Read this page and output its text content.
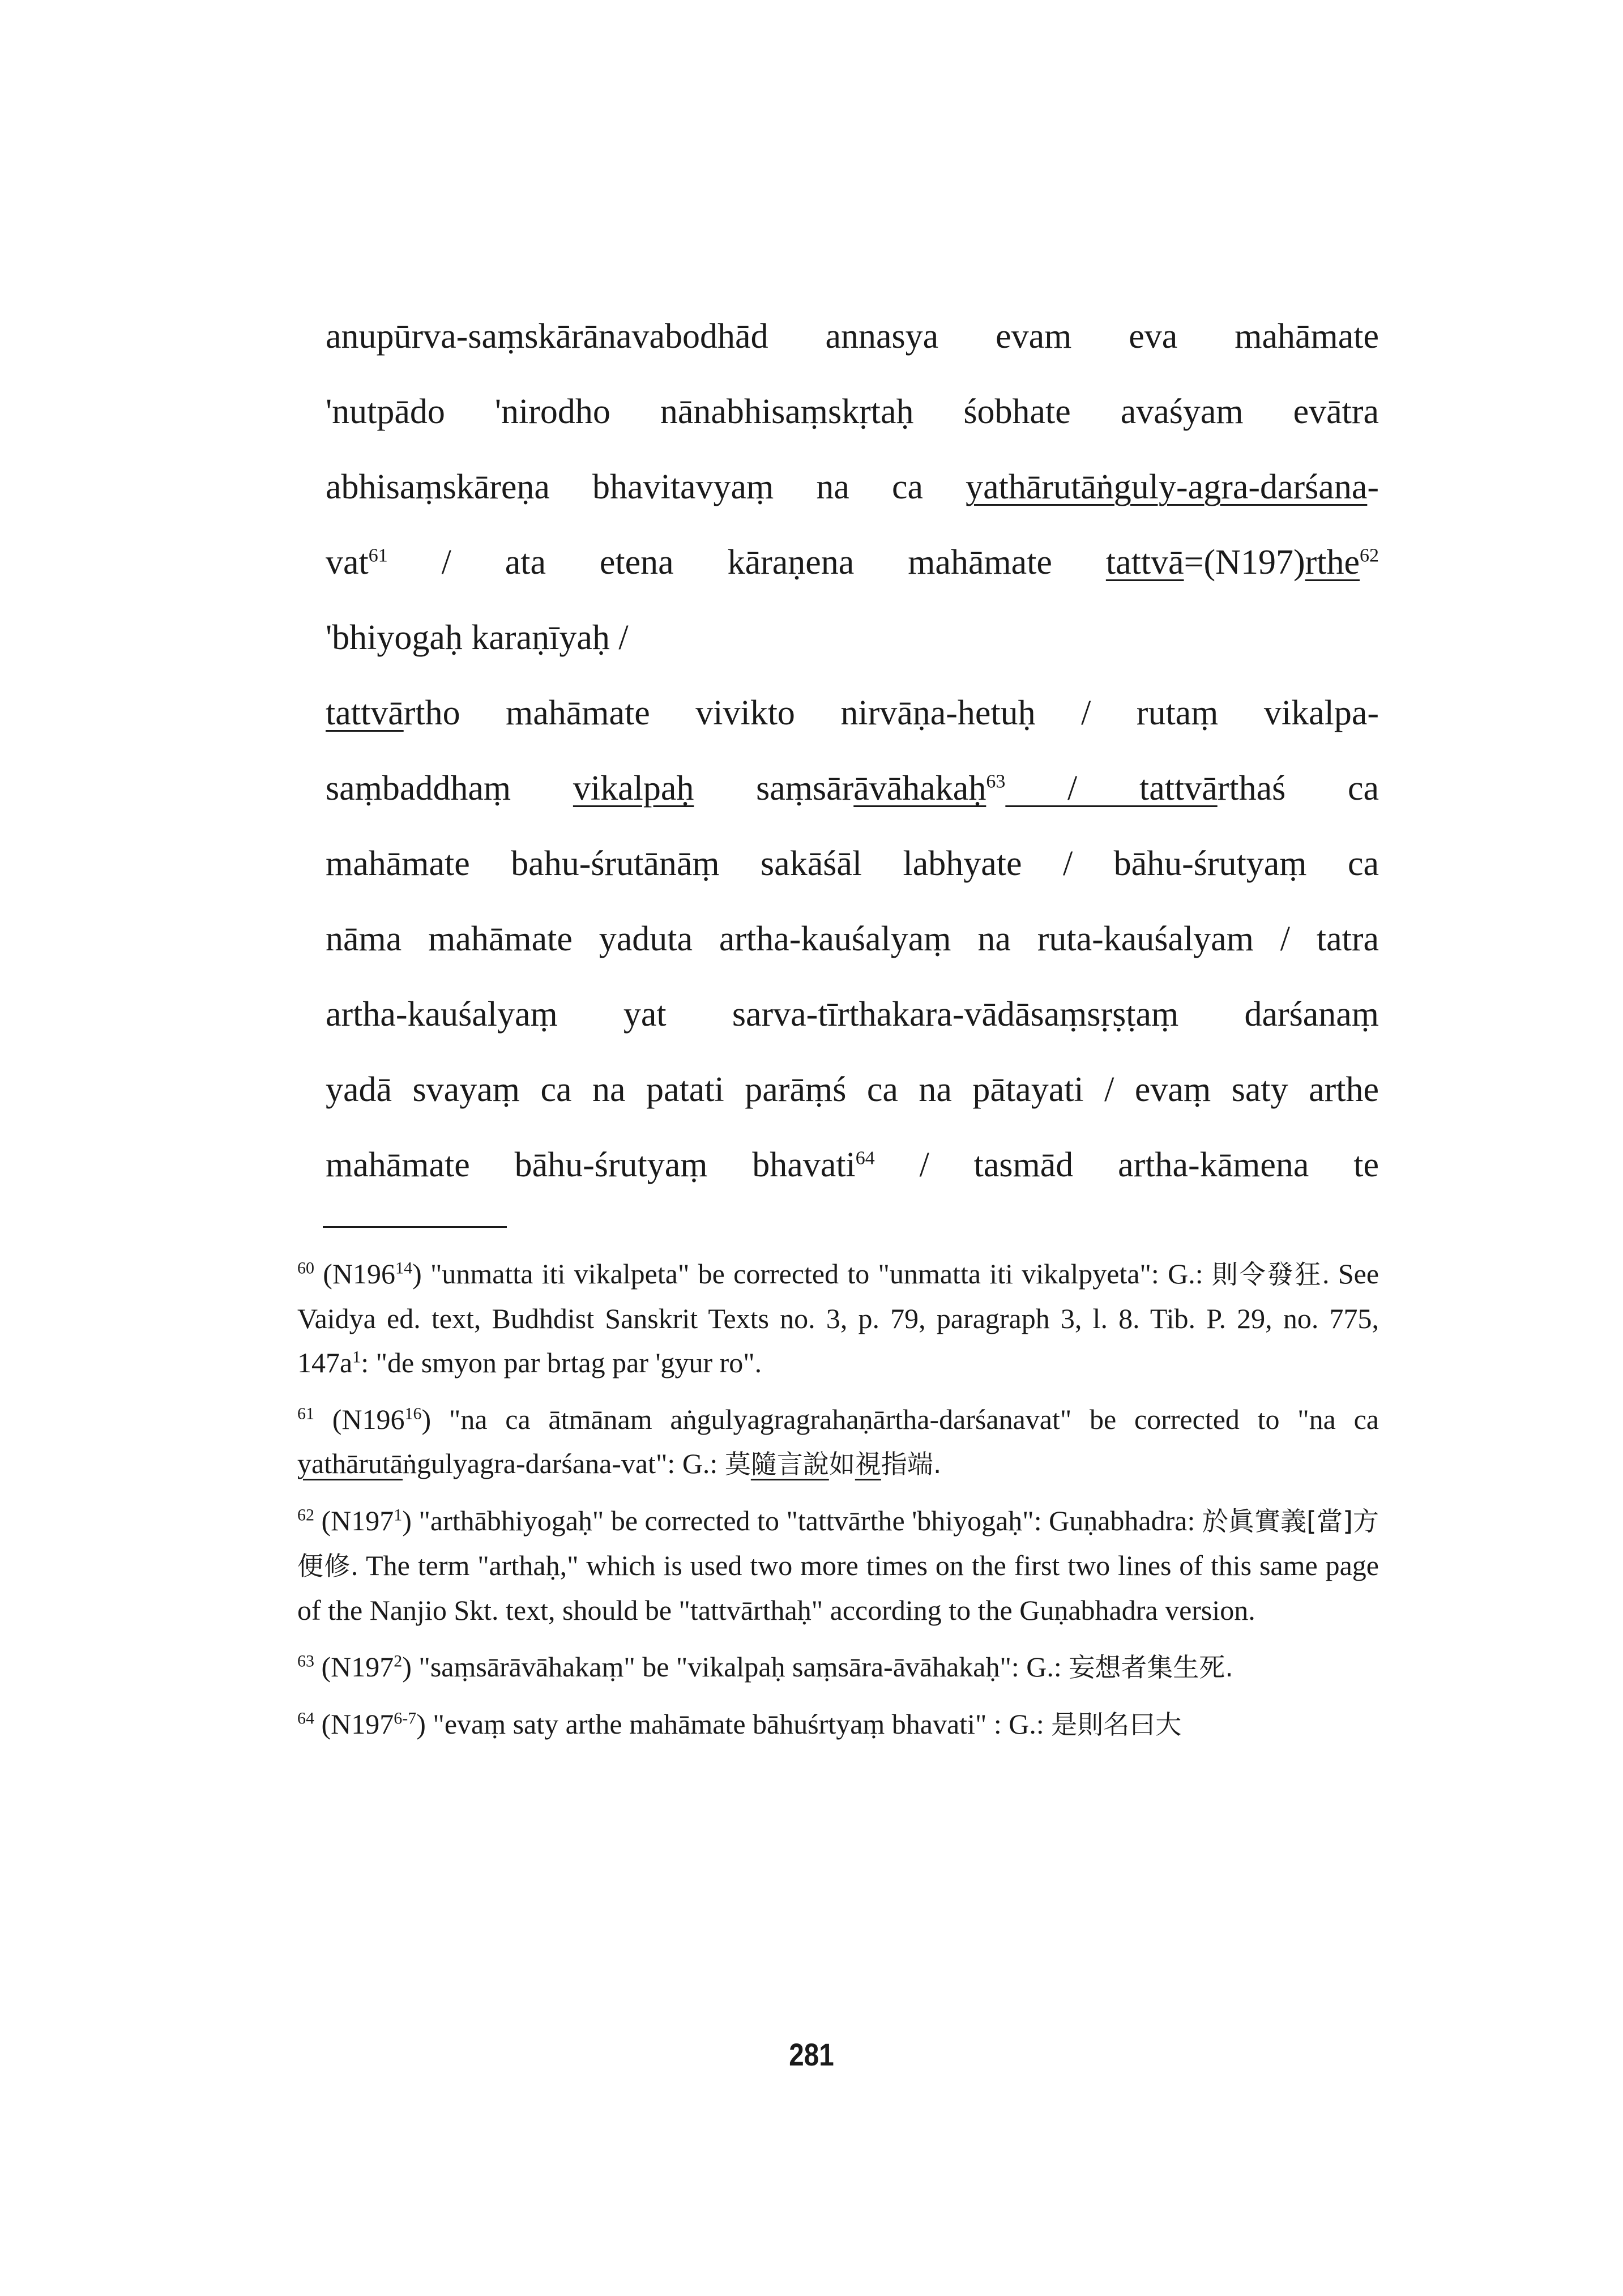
anupūrva-saṃskārānavabodhād annasya evam eva mahāmate
'nutpādo 'nirodho nānabhisaṃskṛtaḥ śobhate avaśyam evātra
abhisaṃskāreṇa bhavitavyaṃ na ca yathārutāṅguly-agra-darśana-
vat$^{61}$ / ata etena kāraṇena mahāmate tattvā=(N197)rthe$^{62}$
'bhiyogaḥ karaṇīyaḥ /
tattvārtho mahāmate vivikto nirvāṇa-hetuḥ / rutaṃ vikalpa-
saṃbaddhaṃ vikalpaḥ saṃsārāvāhakaḥ$^{63}$ / tattvārthaś ca
mahāmate bahu-śrutānāṃ sakāśāl labhyate / bāhu-śrutyaṃ ca
nāma mahāmate yaduta artha-kauśalyaṃ na ruta-kauśalyam / tatra
artha-kauśalyaṃ yat sarva-tīrthakara-vādāsaṃsṛṣṭaṃ darśanaṃ
yadā svayaṃ ca na patati parāṃś ca na pātayati / evaṃ saty arthe
mahāmate bāhu-śrutyaṃ bhavati$^{64}$ / tasmād artha-kāmena te
$^{60}$ $(N196^{14})$ "unmatta iti vikalpeta" be corrected to "unmatta iti vikalpyeta": G.: 則令發狂. See Vaidya ed. text, Budhdist Sanskrit Texts no. 3, p. 79, paragraph 3, l. 8. Tib. P. 29, no. 775, $147a^1$: "de smyon par brtag par 'gyur ro".
$^{61}$ $(N196^{16})$ "na ca ātmānam aṅgulyagragrahaṇārtha-darśanavat" be corrected to "na ca yathārutāṅgulyagra-darśana-vat": G.: 莫隨言說如視指端.
$^{62}$ $(N197^1)$ "arthābhiyogaḥ" be corrected to "tattvārthe 'bhiyogaḥ": Guṇabhadra: 於眞實義[當]方便修. The term "arthaḥ," which is used two more times on the first two lines of this same page of the Nanjio Skt. text, should be "tattvārthaḥ" according to the Guṇabhadra version.
$^{63}$ $(N197^2)$ "saṃsārāvāhakaṃ" be "vikalpaḥ saṃsāra-āvāhakaḥ": G.: 妄想者集生死.
$^{64}$ (N197$^{6-7}$) "evaṃ saty arthe mahāmate bāhuśrtyaṃ bhavati" : G.: 是則名曰大
281
